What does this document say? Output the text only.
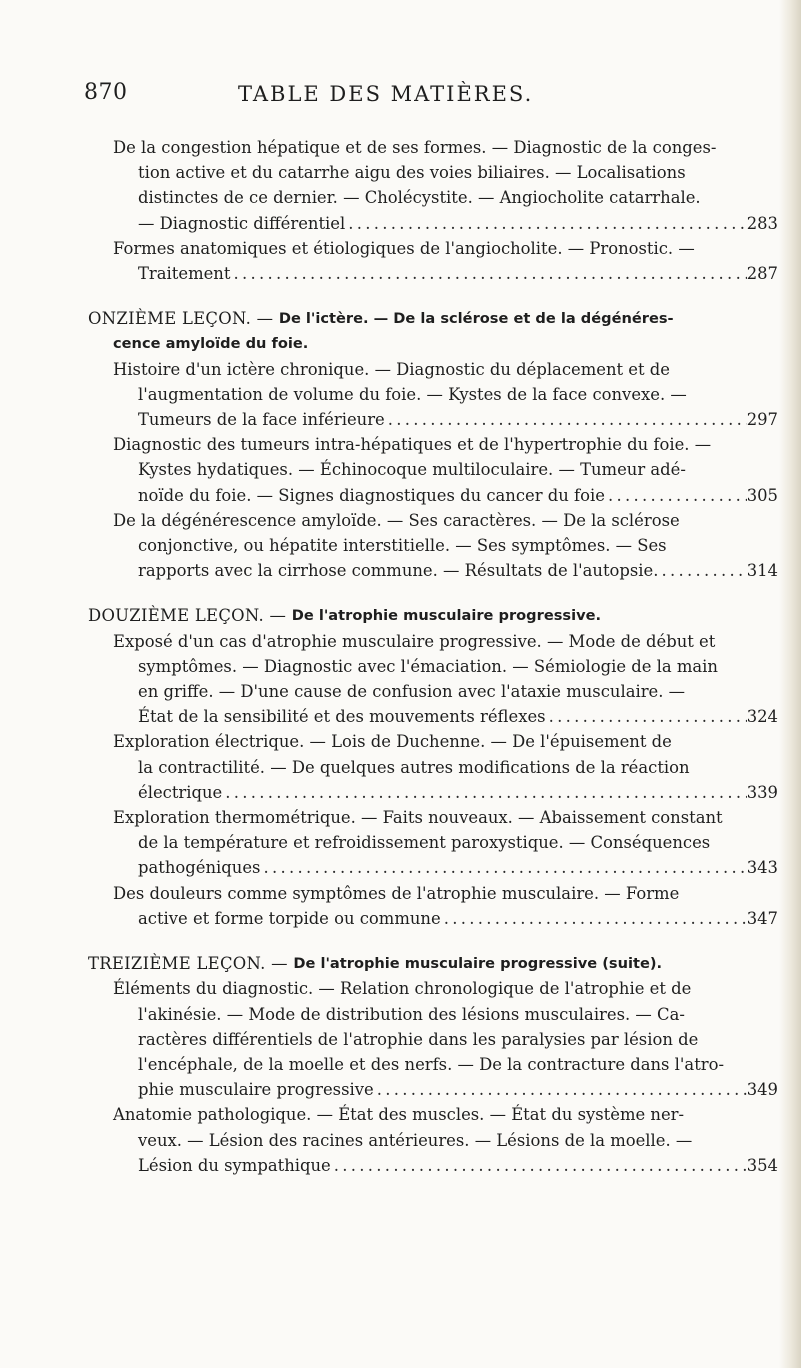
870	TABLE DES MATIÈRES.
De la congestion hépatique et de ses formes. — Diagnostic de la conges-
tion active et du catarrhe aigu des voies biliaires. — Localisations
distinctes de ce dernier. — Cholécystite. — Angiocholite catarrhale.
— Diagnostic différentiel .....	283
Formes anatomiques et étiologiques de l'angiocholite. — Pronostic. —
Traitement .....	287
ONZIÈME LEÇON. — De l'ictère. — De la sclérose et de la dégénéres-
cence amyloïde du foie.
Histoire d'un ictère chronique. — Diagnostic du déplacement et de
l'augmentation de volume du foie. — Kystes de la face convexe. —
Tumeurs de la face inférieure .....	297
Diagnostic des tumeurs intra-hépatiques et de l'hypertrophie du foie. —
Kystes hydatiques. — Échinocoque multiloculaire. — Tumeur adé-
noïde du foie. — Signes diagnostiques du cancer du foie .....	305
De la dégénérescence amyloïde. — Ses caractères. — De la sclérose
conjonctive, ou hépatite interstitielle. — Ses symptômes. — Ses
rapports avec la cirrhose commune. — Résultats de l'autopsie. .....	314
DOUZIÈME LEÇON. — De l'atrophie musculaire progressive.
Exposé d'un cas d'atrophie musculaire progressive. — Mode de début et
symptômes. — Diagnostic avec l'émaciation. — Sémiologie de la main
en griffe. — D'une cause de confusion avec l'ataxie musculaire. —
État de la sensibilité et des mouvements réflexes .....	324
Exploration électrique. — Lois de Duchenne. — De l'épuisement de
la contractilité. — De quelques autres modifications de la réaction
électrique .....	339
Exploration thermométrique. — Faits nouveaux. — Abaissement constant
de la température et refroidissement paroxystique. — Conséquences
pathogéniques .....	343
Des douleurs comme symptômes de l'atrophie musculaire. — Forme
active et forme torpide ou commune .....	347
TREIZIÈME LEÇON. — De l'atrophie musculaire progressive (suite).
Éléments du diagnostic. — Relation chronologique de l'atrophie et de
l'akinésie. — Mode de distribution des lésions musculaires. — Ca-
ractères différentiels de l'atrophie dans les paralysies par lésion de
l'encéphale, de la moelle et des nerfs. — De la contracture dans l'atro-
phie musculaire progressive .....	349
Anatomie pathologique. — État des muscles. — État du système ner-
veux. — Lésion des racines antérieures. — Lésions de la moelle. —
Lésion du sympathique .....	354
